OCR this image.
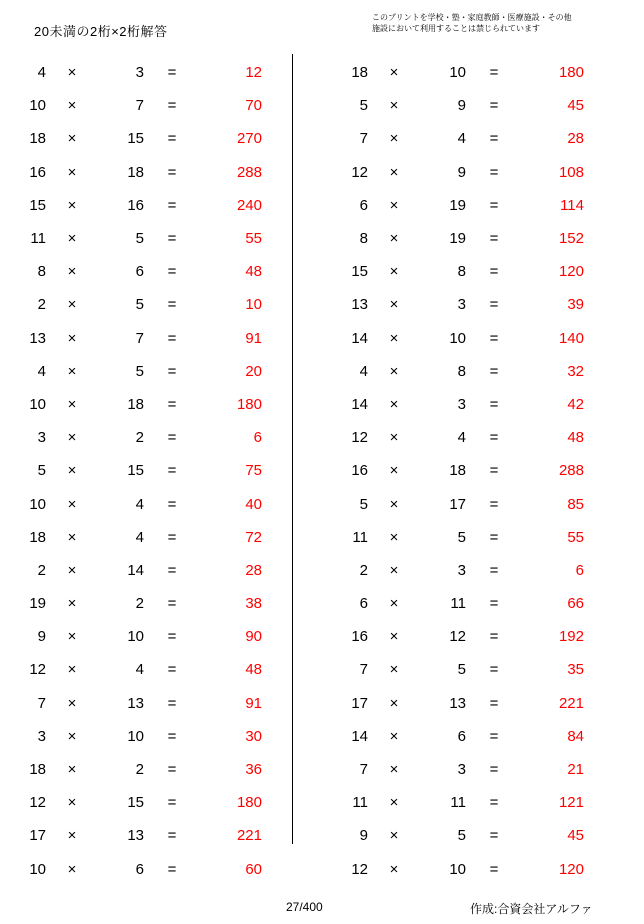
20未満の2桁×2桁解答
このプリントを学校・塾・家庭教師・医療施設・その他
施設において利用することは禁じられています
4	×	3	=	12
10	×	7	=	70
18	×	15	=	270
16	×	18	=	288
15	×	16	=	240
11	×	5	=	55
8	×	6	=	48
2	×	5	=	10
13	×	7	=	91
4	×	5	=	20
10	×	18	=	180
3	×	2	=	6
5	×	15	=	75
10	×	4	=	40
18	×	4	=	72
2	×	14	=	28
19	×	2	=	38
9	×	10	=	90
12	×	4	=	48
7	×	13	=	91
3	×	10	=	30
18	×	2	=	36
12	×	15	=	180
17	×	13	=	221
10	×	6	=	60
18	×	10	=	180
5	×	9	=	45
7	×	4	=	28
12	×	9	=	108
6	×	19	=	114
8	×	19	=	152
15	×	8	=	120
13	×	3	=	39
14	×	10	=	140
4	×	8	=	32
14	×	3	=	42
12	×	4	=	48
16	×	18	=	288
5	×	17	=	85
11	×	5	=	55
2	×	3	=	6
6	×	11	=	66
16	×	12	=	192
7	×	5	=	35
17	×	13	=	221
14	×	6	=	84
7	×	3	=	21
11	×	11	=	121
9	×	5	=	45
12	×	10	=	120
27/400	作成:合資会社アルファ
